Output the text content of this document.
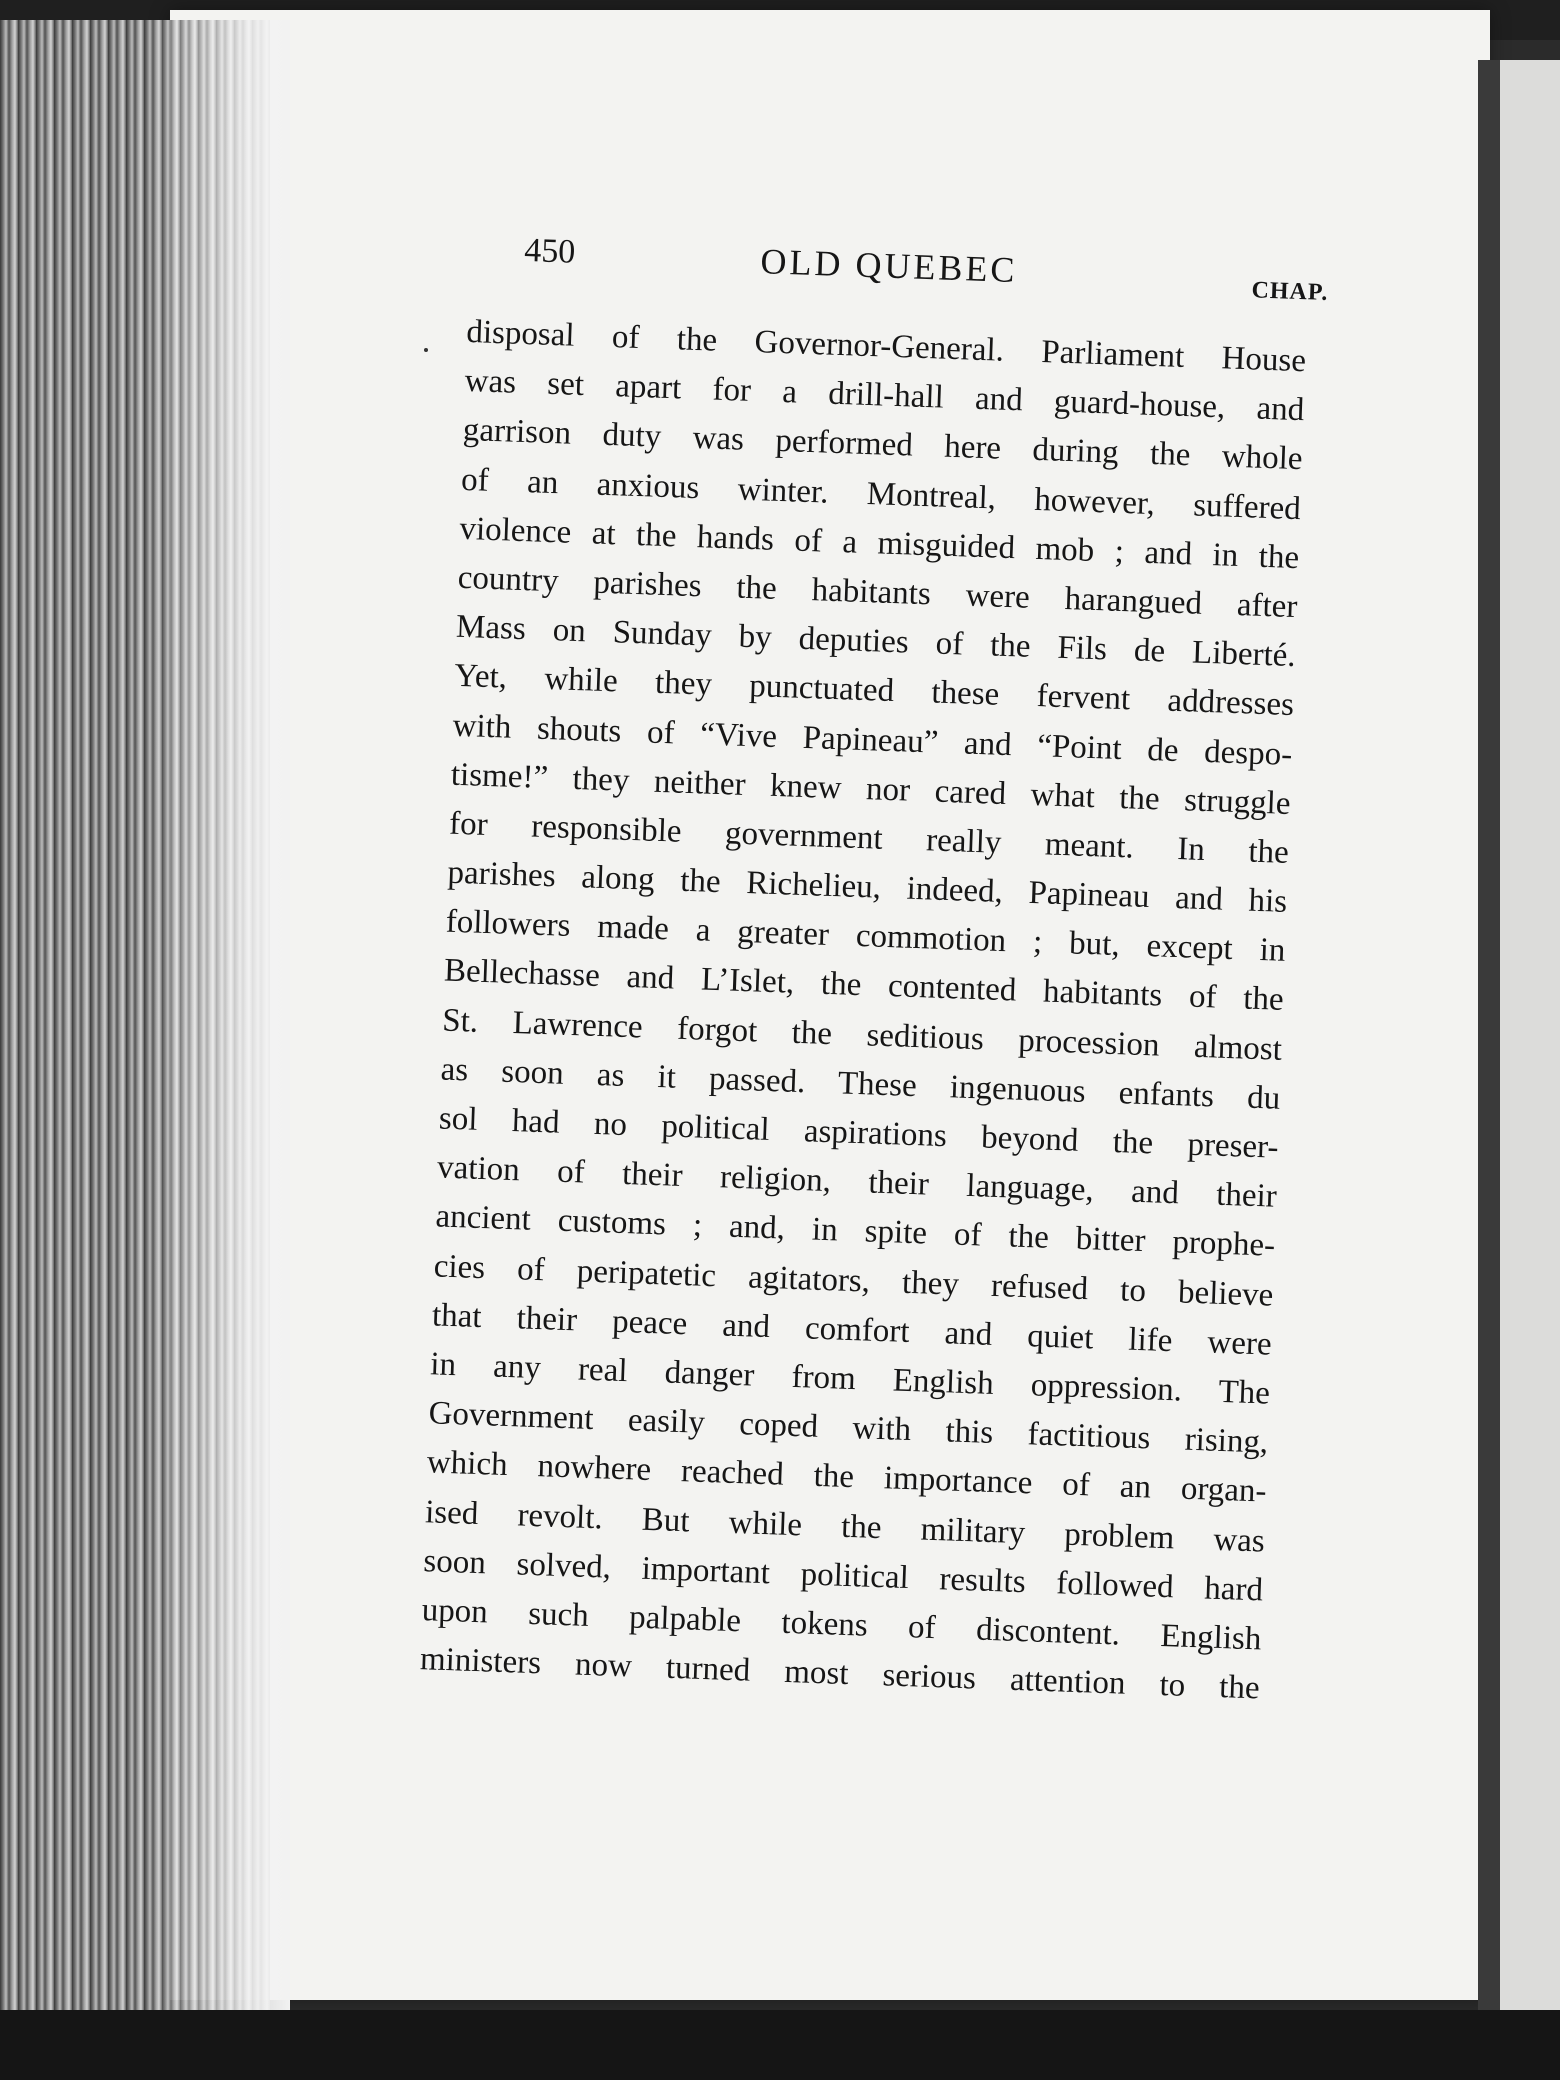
450	OLD QUEBEC
CHAP.
disposal of the Governor-General. Parliament House
was set apart for a drill-hall and guard-house, and
garrison duty was performed here during the whole
of an anxious winter. Montreal, however, suffered
violence at the hands of a misguided mob ; and in the
country parishes the habitants were harangued after
Mass on Sunday by deputies of the Fils de Liberté.
Yet, while they punctuated these fervent addresses
with shouts of “Vive Papineau” and “Point de despo-
tisme!” they neither knew nor cared what the struggle
for responsible government really meant. In the
parishes along the Richelieu, indeed, Papineau and his
followers made a greater commotion ; but, except in
Bellechasse and L’Islet, the contented habitants of the
St. Lawrence forgot the seditious procession almost
as soon as it passed. These ingenuous enfants du
sol had no political aspirations beyond the preser-
vation of their religion, their language, and their
ancient customs ; and, in spite of the bitter prophe-
cies of peripatetic agitators, they refused to believe
that their peace and comfort and quiet life were
in any real danger from English oppression. The
Government easily coped with this factitious rising,
which nowhere reached the importance of an organ-
ised revolt. But while the military problem was
soon solved, important political results followed hard
upon such palpable tokens of discontent. English
ministers now turned most serious attention to the
